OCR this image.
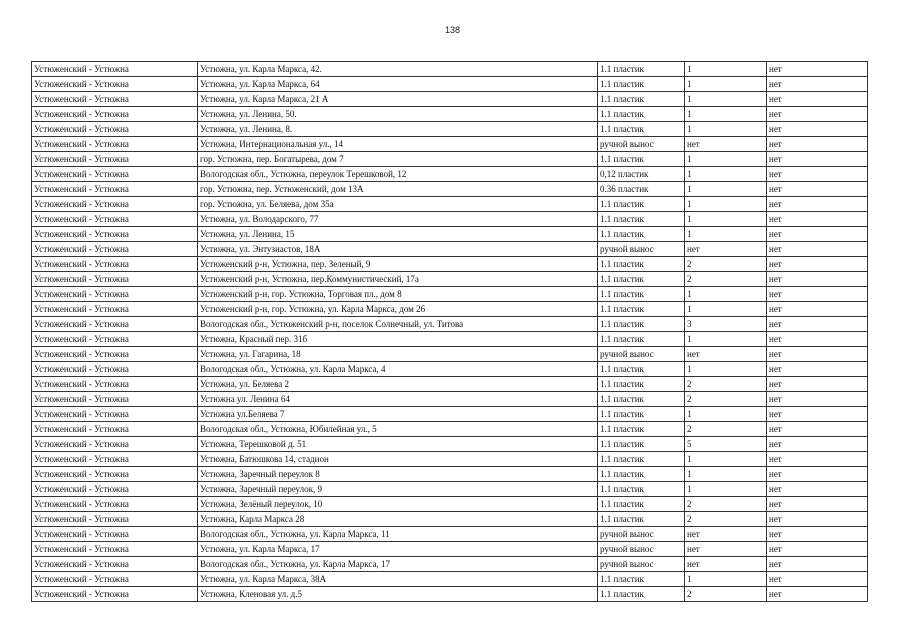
138
Устюженский - Устюжна	Устюжна, ул. Карла Маркса, 42.	1.1 пластик	1	нет
Устюженский - Устюжна	Устюжна, ул. Карла Маркса, 64	1.1 пластик	1	нет
Устюженский - Устюжна	Устюжна, ул. Карла Маркса, 21 А	1.1 пластик	1	нет
Устюженский - Устюжна	Устюжна, ул. Ленина, 50.	1.1 пластик	1	нет
Устюженский - Устюжна	Устюжна, ул. Ленина, 8.	1.1 пластик	1	нет
Устюженский - Устюжна	Устюжна, Интернациональная ул., 14	ручной вынос	нет	нет
Устюженский - Устюжна	гор. Устюжна, пер. Богатырева, дом 7	1.1 пластик	1	нет
Устюженский - Устюжна	Вологодская обл., Устюжна, переулок Терешковой, 12	0,12 пластик	1	нет
Устюженский - Устюжна	гор. Устюжна, пер. Устюженский, дом 13А	0.36 пластик	1	нет
Устюженский - Устюжна	гор. Устюжна, ул. Беляева, дом 35а	1.1 пластик	1	нет
Устюженский - Устюжна	Устюжна, ул. Володарского, 77	1.1 пластик	1	нет
Устюженский - Устюжна	Устюжна, ул. Ленина, 15	1.1 пластик	1	нет
Устюженский - Устюжна	Устюжна, ул. Энтузиастов, 18А	ручной вынос	нет	нет
Устюженский - Устюжна	Устюженский р-н, Устюжна, пер. Зеленый, 9	1.1 пластик	2	нет
Устюженский - Устюжна	Устюженский р-н, Устюжна, пер.Коммунистический, 17а	1.1 пластик	2	нет
Устюженский - Устюжна	Устюженский р-н, гор. Устюжна, Торговая пл., дом 8	1.1 пластик	1	нет
Устюженский - Устюжна	Устюженский р-н, гор. Устюжна, ул. Карла Маркса, дом 26	1.1 пластик	1	нет
Устюженский - Устюжна	Вологодская обл., Устюженский р-н, поселок Солнечный, ул. Титова	1.1 пластик	3	нет
Устюженский - Устюжна	Устюжна, Красный пер. 31б	1.1 пластик	1	нет
Устюженский - Устюжна	Устюжна, ул. Гагарина, 18	ручной вынос	нет	нет
Устюженский - Устюжна	Вологодская обл., Устюжна, ул. Карла Маркса, 4	1.1 пластик	1	нет
Устюженский - Устюжна	Устюжна, ул. Беляева 2	1.1 пластик	2	нет
Устюженский - Устюжна	Устюжна ул. Ленина 64	1.1 пластик	2	нет
Устюженский - Устюжна	Устюжна ул.Беляева 7	1.1 пластик	1	нет
Устюженский - Устюжна	Вологодская обл., Устюжна, Юбилейная ул., 5	1.1 пластик	2	нет
Устюженский - Устюжна	Устюжна, Терешковой д. 51	1.1 пластик	5	нет
Устюженский - Устюжна	Устюжна, Батюшкова 14, стадион	1.1 пластик	1	нет
Устюженский - Устюжна	Устюжна, Заречный переулок 8	1.1 пластик	1	нет
Устюженский - Устюжна	Устюжна, Заречный переулок, 9	1.1 пластик	1	нет
Устюженский - Устюжна	Устюжна, Зелёный переулок, 10	1.1 пластик	2	нет
Устюженский - Устюжна	Устюжна, Карла Маркса 28	1.1 пластик	2	нет
Устюженский - Устюжна	Вологодская обл., Устюжна, ул. Карла Маркса, 11	ручной вынос	нет	нет
Устюженский - Устюжна	Устюжна, ул. Карла Маркса, 17	ручной вынос	нет	нет
Устюженский - Устюжна	Вологодская обл., Устюжна, ул. Карла Маркса, 17	ручной вынос	нет	нет
Устюженский - Устюжна	Устюжна, ул. Карла Маркса, 38А	1.1 пластик	1	нет
Устюженский - Устюжна	Устюжна, Кленовая ул. д.5	1.1 пластик	2	нет
